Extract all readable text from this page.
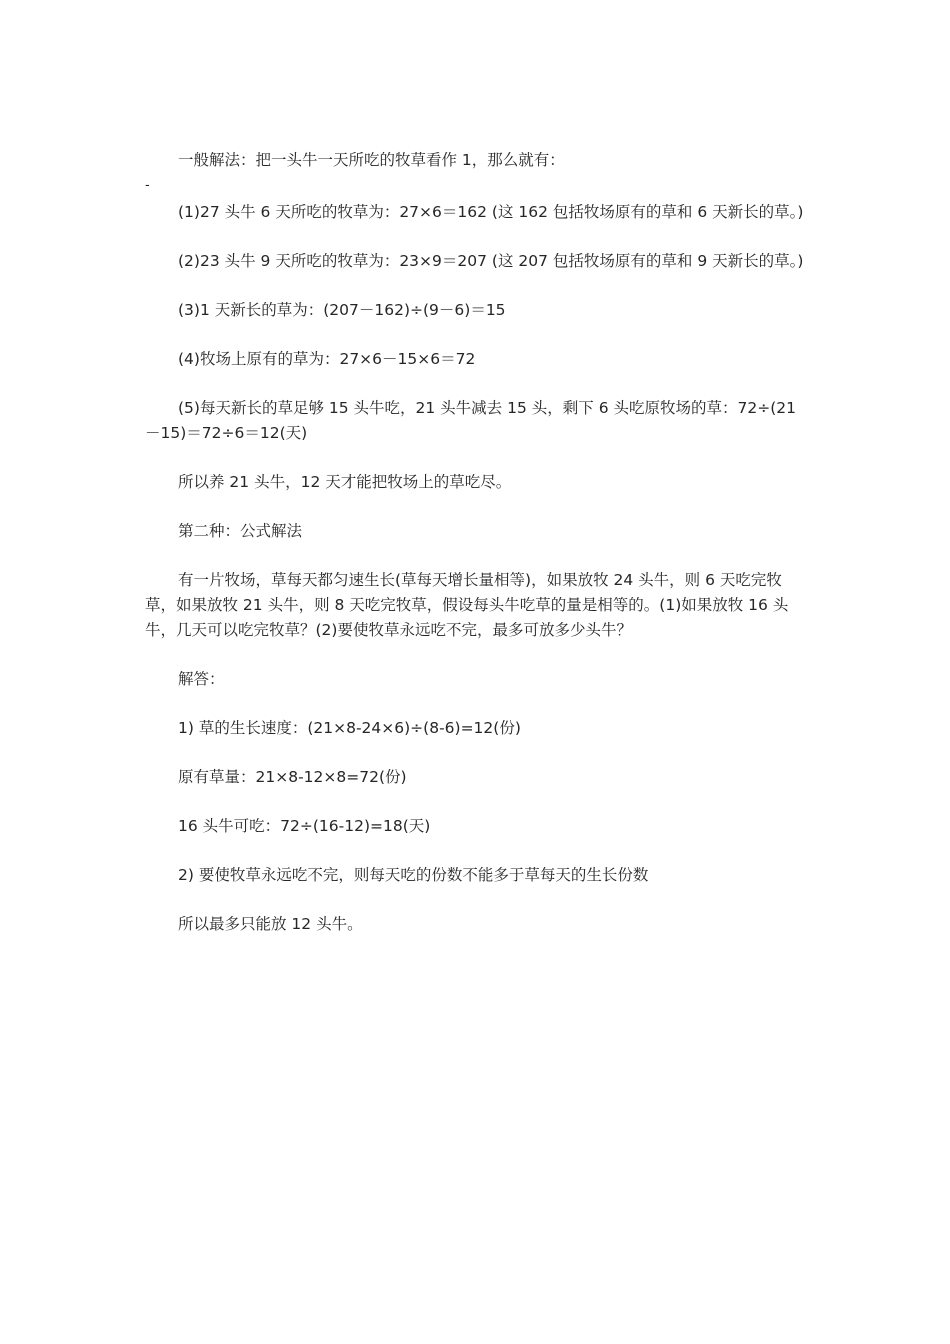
一般解法：把一头牛一天所吃的牧草看作 1，那么就有：

-

(1)27 头牛 6 天所吃的牧草为：27×6＝162 (这 162 包括牧场原有的草和 6 天新长的草。)

(2)23 头牛 9 天所吃的牧草为：23×9＝207 (这 207 包括牧场原有的草和 9 天新长的草。)

(3)1 天新长的草为：(207－162)÷(9－6)＝15

(4)牧场上原有的草为：27×6－15×6＝72

(5)每天新长的草足够 15 头牛吃，21 头牛减去 15 头，剩下 6 头吃原牧场的草：72÷(21－15)＝72÷6＝12(天)

所以养 21 头牛，12 天才能把牧场上的草吃尽。

第二种：公式解法

有一片牧场，草每天都匀速生长(草每天增长量相等)，如果放牧 24 头牛，则 6 天吃完牧草，如果放牧 21 头牛，则 8 天吃完牧草，假设每头牛吃草的量是相等的。(1)如果放牧 16 头牛，几天可以吃完牧草？(2)要使牧草永远吃不完，最多可放多少头牛？

解答：

1) 草的生长速度：(21×8-24×6)÷(8-6)=12(份)

原有草量：21×8-12×8=72(份)

16 头牛可吃：72÷(16-12)=18(天)

2) 要使牧草永远吃不完，则每天吃的份数不能多于草每天的生长份数

所以最多只能放 12 头牛。
